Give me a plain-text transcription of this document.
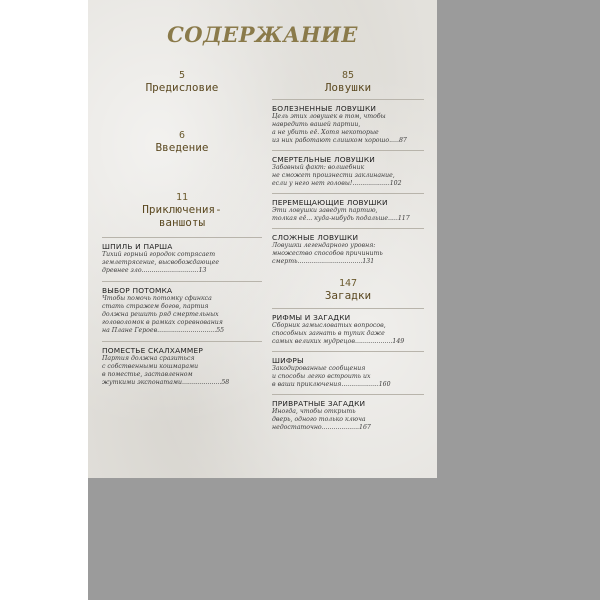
СОДЕРЖАНИЕ
5
Предисловие
6
Введение
11
Приключения-
ваншоты
ШПИЛЬ И ПАРША
Тихий горный городок сотрясает
землетрясение, высвобождающее
древнее зло.............................13
ВЫБОР ПОТОМКА
Чтобы помочь потомку сфинкса
стать стражем богов, партия
должна решить ряд смертельных
головоломок в рамках соревнования
на Плане Героев..............................55
ПОМЕСТЬЕ СКАЛХАММЕР
Партия должна сразиться
с собственными кошмарами
в поместье, заставленном
жуткими экспонатами....................58
85
Ловушки
БОЛЕЗНЕННЫЕ ЛОВУШКИ
Цель этих ловушек в том, чтобы
навредить вашей партии,
а не убить её. Хотя некоторые
из них работают слишком хорошо.....87
СМЕРТЕЛЬНЫЕ ЛОВУШКИ
Забавный факт: волшебник
не сможет произнести заклинание,
если у него нет головы!...................102
ПЕРЕМЕЩАЮЩИЕ ЛОВУШКИ
Эти ловушки заведут партию,
толкая её... куда-нибудь подальше.....117
СЛОЖНЫЕ ЛОВУШКИ
Ловушки легендарного уровня:
множество способов причинить
смерть.................................131
147
Загадки
РИФМЫ И ЗАГАДКИ
Сборник замысловатых вопросов,
способных загнать в тупик даже
самых великих мудрецов...................149
ШИФРЫ
Закодированные сообщения
и способы легко встроить их
в ваши приключения...................160
ПРИВРАТНЫЕ ЗАГАДКИ
Иногда, чтобы открыть
дверь, одного только ключа
недостаточно...................167
